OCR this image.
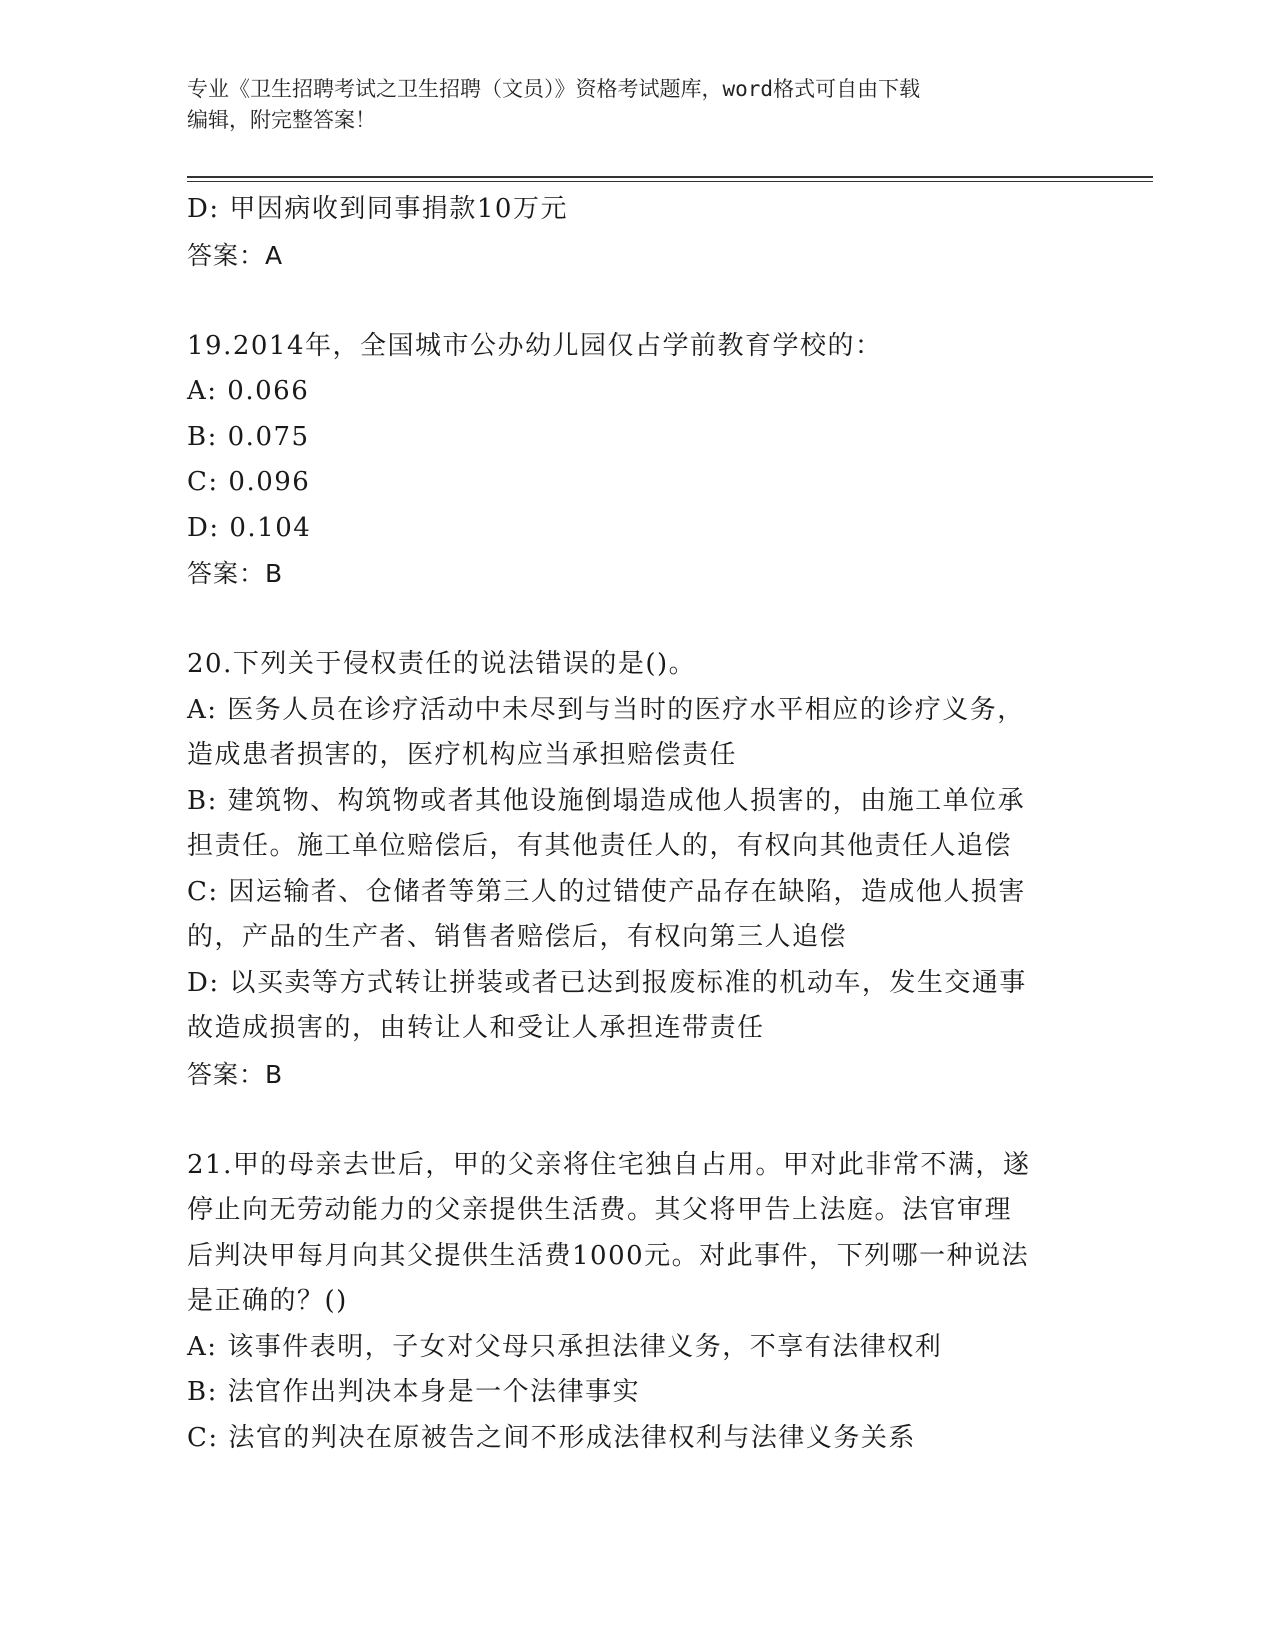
专业《卫生招聘考试之卫生招聘（文员）》资格考试题库，word格式可自由下载
编辑，附完整答案！
D: 甲因病收到同事捐款10万元
答案：A
19.2014年，全国城市公办幼儿园仅占学前教育学校的：
A: 0.066
B: 0.075
C: 0.096
D: 0.104
答案：B
20.下列关于侵权责任的说法错误的是()。
A: 医务人员在诊疗活动中未尽到与当时的医疗水平相应的诊疗义务，
造成患者损害的，医疗机构应当承担赔偿责任
B: 建筑物、构筑物或者其他设施倒塌造成他人损害的，由施工单位承
担责任。施工单位赔偿后，有其他责任人的，有权向其他责任人追偿
C: 因运输者、仓储者等第三人的过错使产品存在缺陷，造成他人损害
的，产品的生产者、销售者赔偿后，有权向第三人追偿
D: 以买卖等方式转让拼装或者已达到报废标准的机动车，发生交通事
故造成损害的，由转让人和受让人承担连带责任
答案：B
21.甲的母亲去世后，甲的父亲将住宅独自占用。甲对此非常不满，遂
停止向无劳动能力的父亲提供生活费。其父将甲告上法庭。法官审理
后判决甲每月向其父提供生活费1000元。对此事件，下列哪一种说法
是正确的？()
A: 该事件表明，子女对父母只承担法律义务，不享有法律权利
B: 法官作出判决本身是一个法律事实
C: 法官的判决在原被告之间不形成法律权利与法律义务关系
